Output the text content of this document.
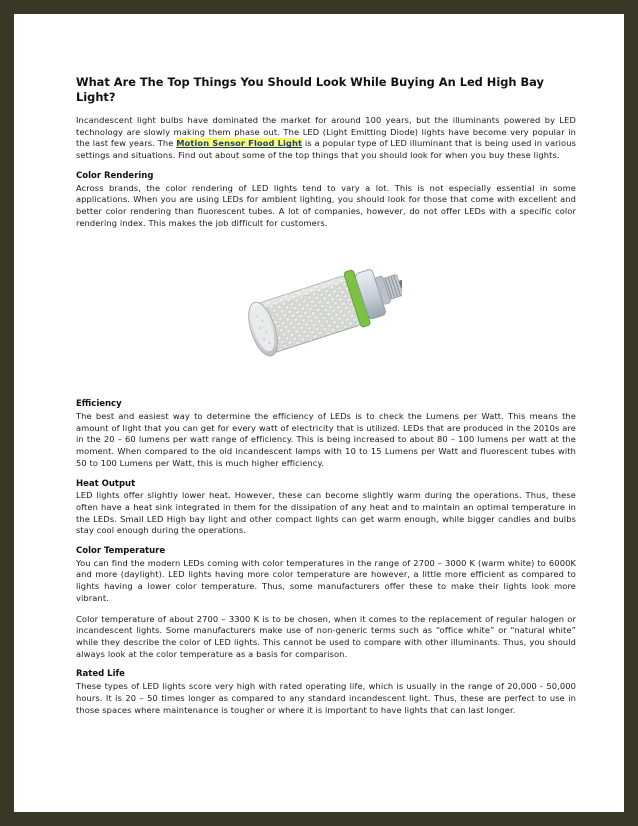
What Are The Top Things You Should Look While Buying An Led High Bay Light?

Incandescent light bulbs have dominated the market for around 100 years, but the illuminants powered by LED technology are slowly making them phase out. The LED (Light Emitting Diode) lights have become very popular in the last few years. The Motion Sensor Flood Light is a popular type of LED illuminant that is being used in various settings and situations. Find out about some of the top things that you should look for when you buy these lights.

Color Rendering

Across brands, the color rendering of LED lights tend to vary a lot. This is not especially essential in some applications. When you are using LEDs for ambient lighting, you should look for those that come with excellent and better color rendering than fluorescent tubes. A lot of companies, however, do not offer LEDs with a specific color rendering index. This makes the job difficult for customers.

Efficiency

The best and easiest way to determine the efficiency of LEDs is to check the Lumens per Watt. This means the amount of light that you can get for every watt of electricity that is utilized. LEDs that are produced in the 2010s are in the 20 – 60 lumens per watt range of efficiency. This is being increased to about 80 – 100 lumens per watt at the moment. When compared to the old incandescent lamps with 10 to 15 Lumens per Watt and fluorescent tubes with 50 to 100 Lumens per Watt, this is much higher efficiency.

Heat Output

LED lights offer slightly lower heat. However, these can become slightly warm during the operations. Thus, these often have a heat sink integrated in them for the dissipation of any heat and to maintain an optimal temperature in the LEDs. Small LED High bay light and other compact lights can get warm enough, while bigger candles and bulbs stay cool enough during the operations.

Color Temperature

You can find the modern LEDs coming with color temperatures in the range of 2700 – 3000 K (warm white) to 6000K and more (daylight). LED lights having more color temperature are however, a little more efficient as compared to lights having a lower color temperature. Thus, some manufacturers offer these to make their lights look more vibrant.

Color temperature of about 2700 – 3300 K is to be chosen, when it comes to the replacement of regular halogen or incandescent lights. Some manufacturers make use of non-generic terms such as “office white” or “natural white” while they describe the color of LED lights. This cannot be used to compare with other illuminants. Thus, you should always look at the color temperature as a basis for comparison.

Rated Life

These types of LED lights score very high with rated operating life, which is usually in the range of 20,000 - 50,000 hours. It is 20 – 50 times longer as compared to any standard incandescent light. Thus, these are perfect to use in those spaces where maintenance is tougher or where it is important to have lights that can last longer.
